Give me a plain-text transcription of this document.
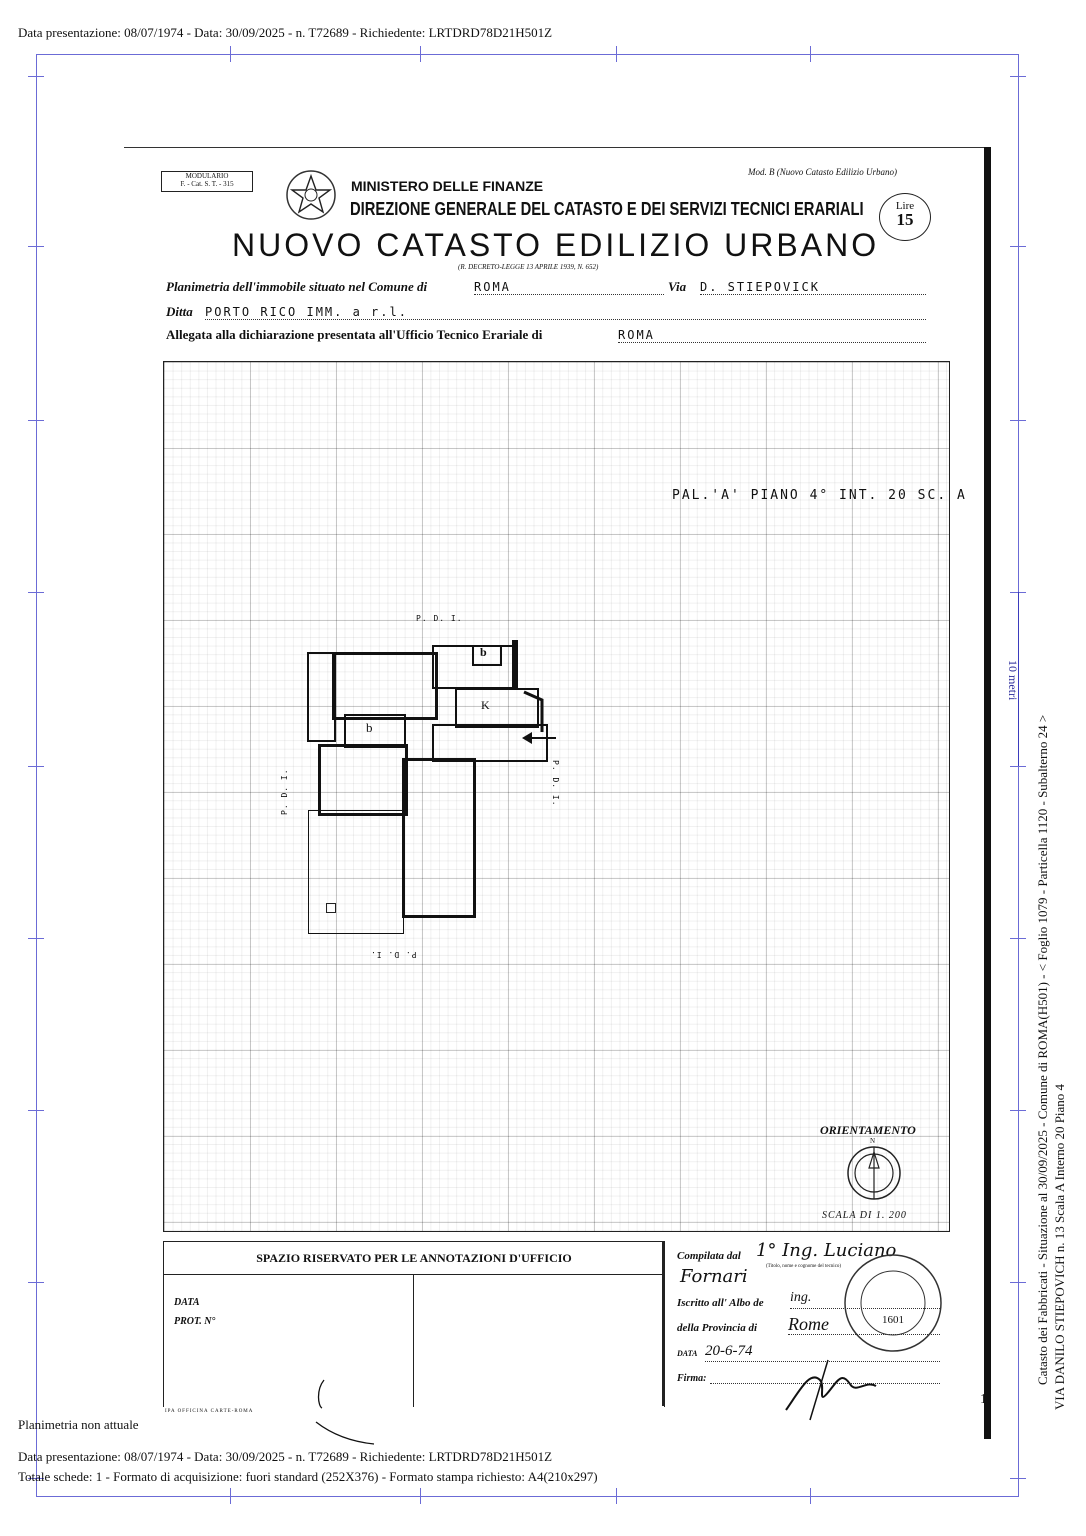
Data presentazione: 08/07/1974 - Data: 30/09/2025 - n. T72689 - Richiedente: LRTDRD78D21H501Z
MODULARIO
F. - Cat. S. T. - 315
Mod. B (Nuovo Catasto Edilizio Urbano)
MINISTERO DELLE FINANZE
DIREZIONE GENERALE DEL CATASTO E DEI SERVIZI TECNICI ERARIALI	Lire
15
NUOVO CATASTO EDILIZIO URBANO
(R. DECRETO-LEGGE 13 APRILE 1939, N. 652)
Planimetria dell'immobile situato nel Comune di	ROMA	Via D. STIEPOVICK
Ditta PORTO RICO IMM. a r.l.
Allegata alla dichiarazione presentata all'Ufficio Tecnico Erariale di	ROMA
PAL.'A' PIANO 4° INT. 20 SC. A
b
b
K
P. D. I.
P. D. I.
P. D. I.
P. D. I.
ORIENTAMENTO
N
SCALA DI 1. 200
SPAZIO RISERVATO PER LE ANNOTAZIONI D'UFFICIO
DATA
PROT. N°
IPA OFFICINA CARTE-ROMA
Compilata dal 1° Ing. Luciano
(Titolo, nome e cognome del tecnico)
Fornari
Iscritto all' Albo de ing.
della Provincia di Rome
DATA 20-6-74
Firma:
1601
10 metri
Catasto dei Fabbricati - Situazione al 30/09/2025 - Comune di ROMA(H501) - < Foglio 1079 - Particella 1120 - Subalterno 24 > VIA DANILO STIEPOVICH n. 13 Scala A Interno 20 Piano 4
1
Planimetria non attuale
Data presentazione: 08/07/1974 - Data: 30/09/2025 - n. T72689 - Richiedente: LRTDRD78D21H501Z
Totale schede: 1 - Formato di acquisizione: fuori standard (252X376) - Formato stampa richiesto: A4(210x297)
